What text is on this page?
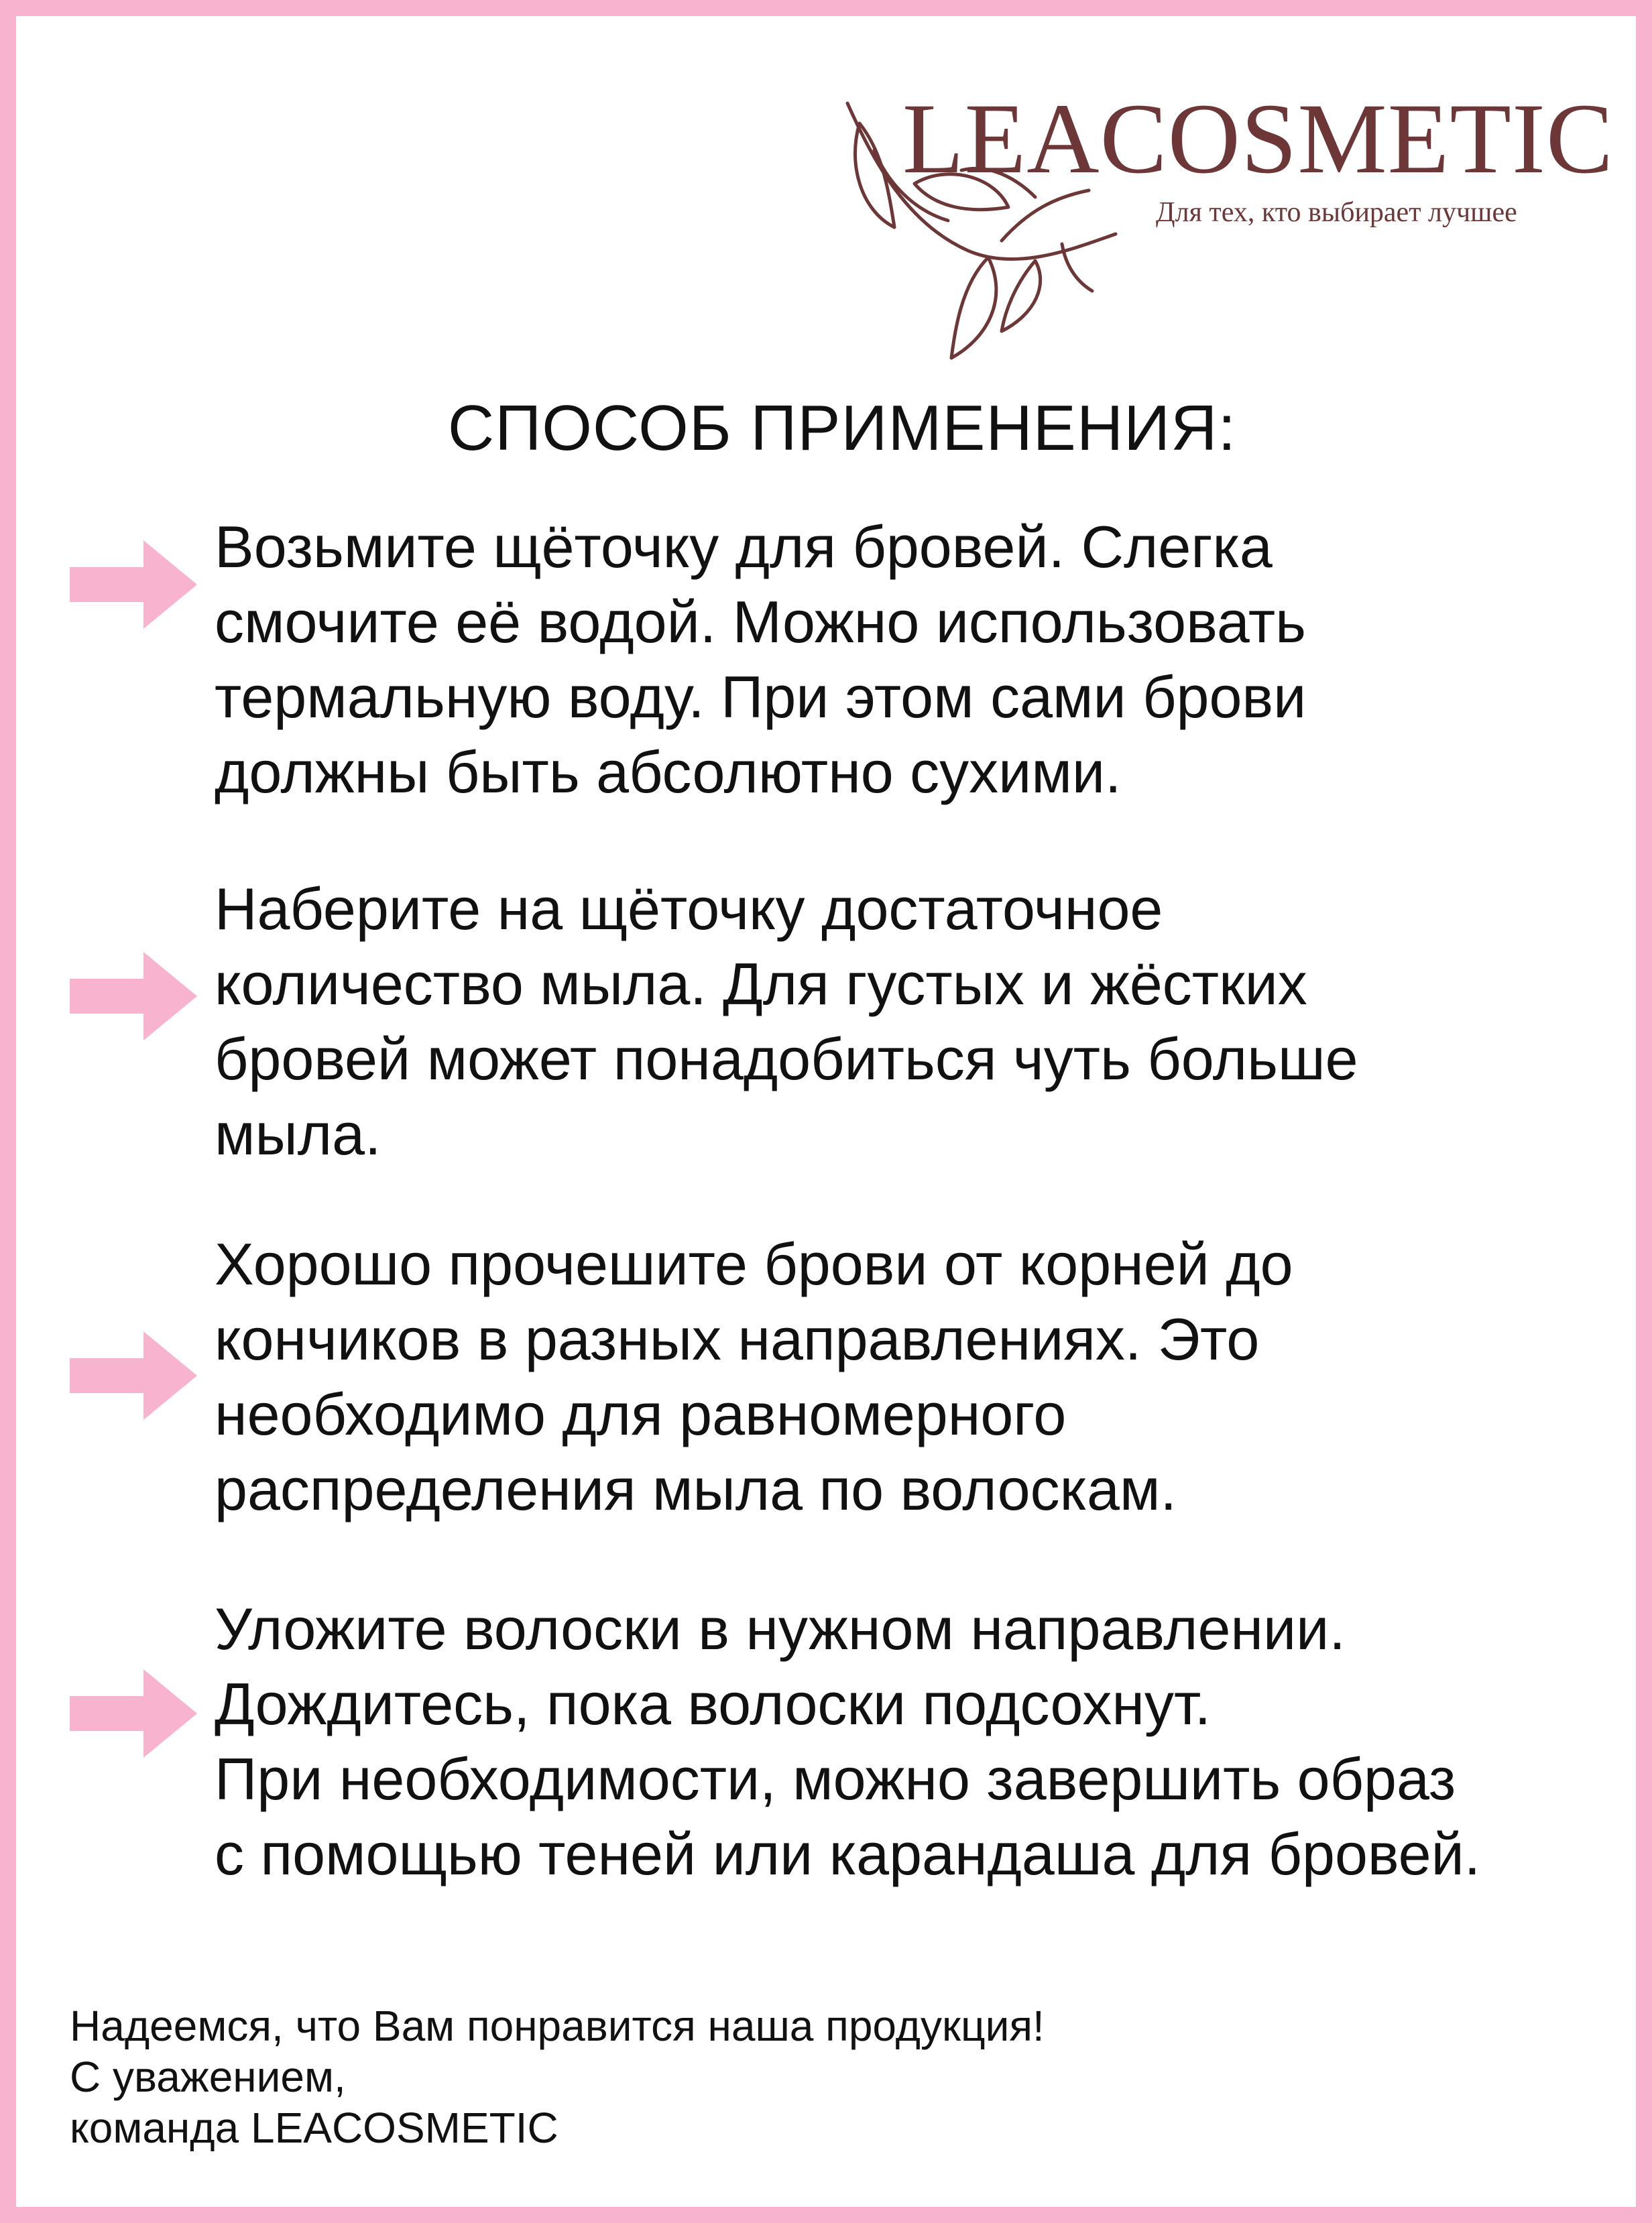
LEACOSMETIC
Для тех, кто выбирает лучшее
СПОСОБ ПРИМЕНЕНИЯ:
Возьмите щёточку для бровей. Слегка
смочите её водой. Можно использовать
термальную воду. При этом сами брови
должны быть абсолютно сухими.
Наберите на щёточку достаточное
количество мыла. Для густых и жёстких
бровей может понадобиться чуть больше
мыла.
Хорошо прочешите брови от корней до
кончиков в разных направлениях. Это
необходимо для равномерного
распределения мыла по волоскам.
Уложите волоски в нужном направлении.
Дождитесь, пока волоски подсохнут.
При необходимости, можно завершить образ
с помощью теней или карандаша для бровей.
Надеемся, что Вам понравится наша продукция!
С уважением,
команда LEACOSMETIC
